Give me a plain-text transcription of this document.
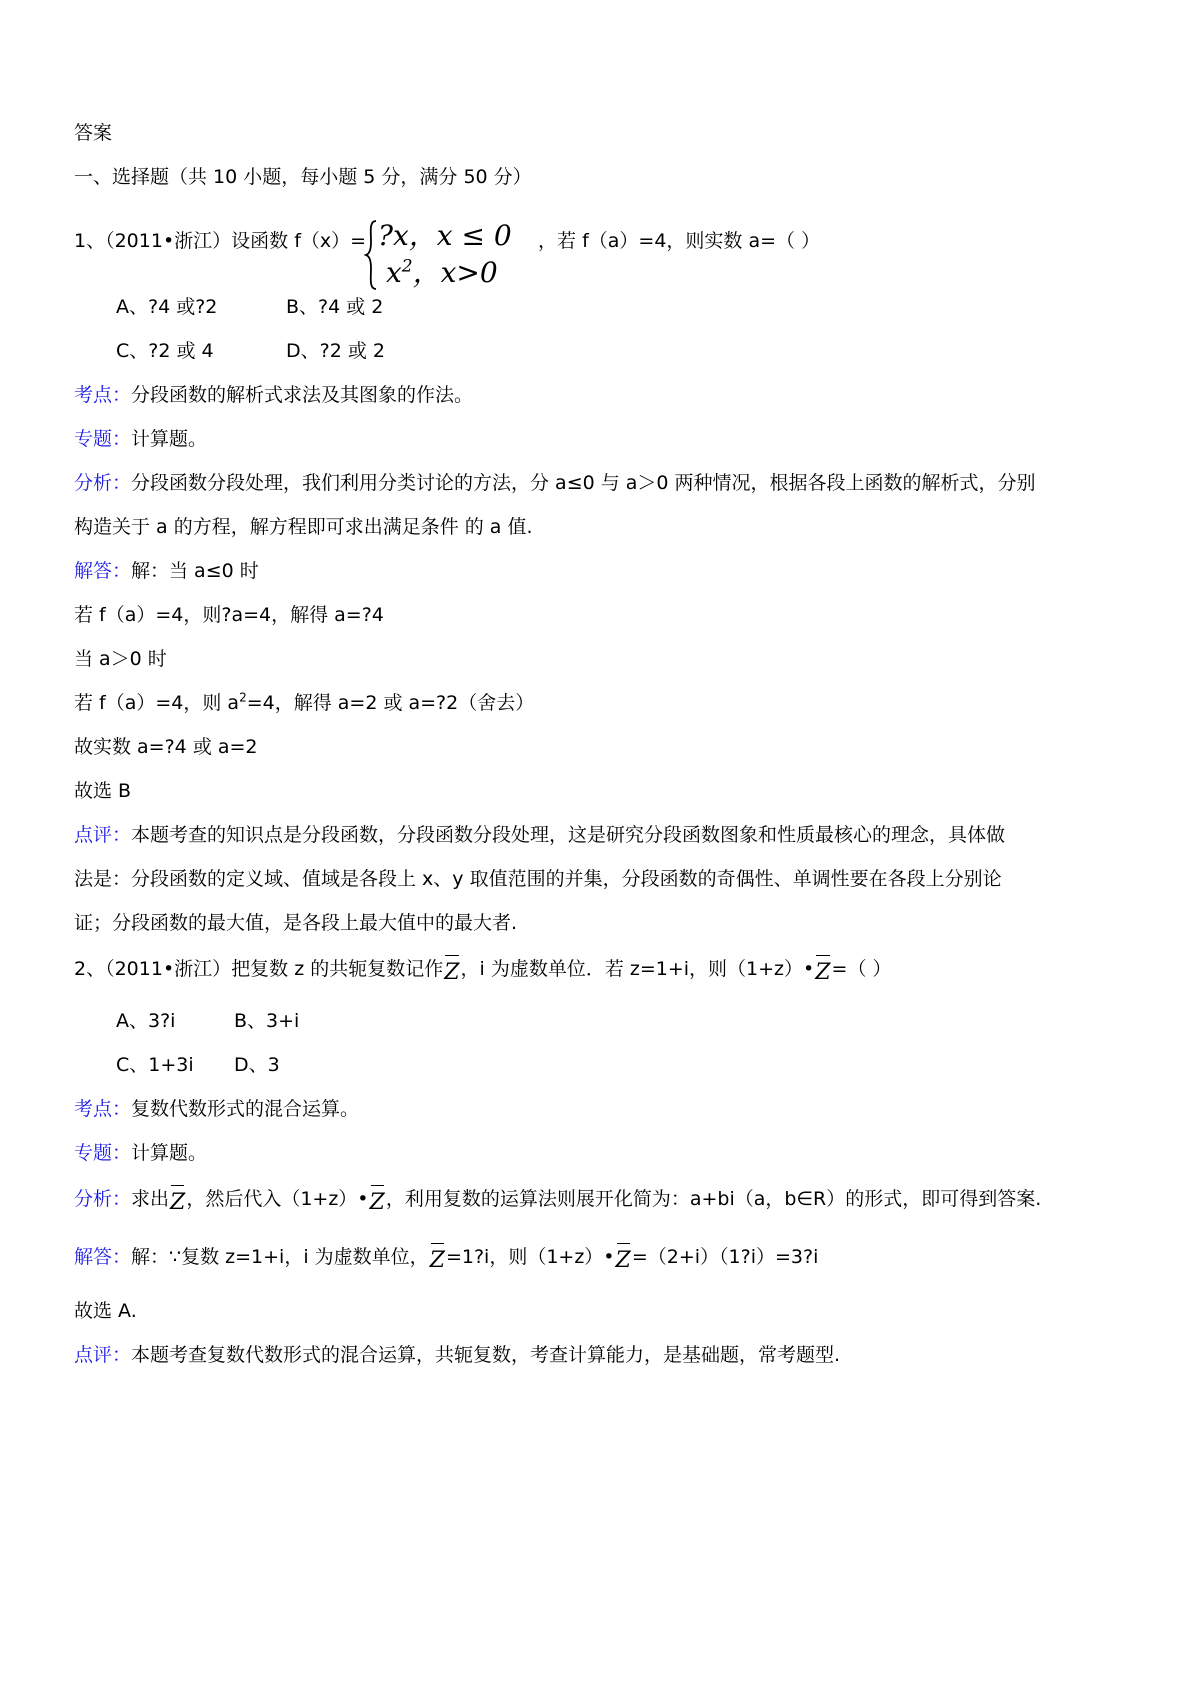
答案
一、选择题（共 10 小题，每小题 5 分，满分 50 分）
1、（2011•浙江）设函数 f（x）=	，若 f（a）=4，则实数 a=（ ）
?x，x ≤ 0
$x^2$，x>0
A、?4 或?2	B、?4 或 2
C、?2 或 4	D、?2 或 2
考点：分段函数的解析式求法及其图象的作法。
专题：计算题。
分析：分段函数分段处理，我们利用分类讨论的方法，分 a≤0 与 a＞0 两种情况，根据各段上函数的解析式，分别
构造关于 a 的方程，解方程即可求出满足条件 的 a 值.
解答：解：当 a≤0 时
若 f（a）=4，则?a=4，解得 a=?4
当 a＞0 时
若 f（a）=4，则 $a^2=4$，解得 a=2 或 a=?2（舍去）
故实数 a=?4 或 a=2
故选 B
点评：本题考查的知识点是分段函数，分段函数分段处理，这是研究分段函数图象和性质最核心的理念，具体做
法是：分段函数的定义域、值域是各段上 x、y 取值范围的并集，分段函数的奇偶性、单调性要在各段上分别论
证；分段函数的最大值，是各段上最大值中的最大者.
2、（2011•浙江）把复数 z 的共轭复数记作Z，i 为虚数单位．若 z=1+i，则（1+z）•Z=（ ）
A、3?i	B、3+i
C、1+3i D、3
考点：复数代数形式的混合运算。
专题：计算题。
分析：求出Z，然后代入（1+z）•Z，利用复数的运算法则展开化简为：a+bi（a，b∈R）的形式，即可得到答案.
解答：解：∵复数 z=1+i，i 为虚数单位，Z=1?i，则（1+z）•Z=（2+i）（1?i）=3?i
故选 A.
点评：本题考查复数代数形式的混合运算，共轭复数，考查计算能力，是基础题，常考题型.
